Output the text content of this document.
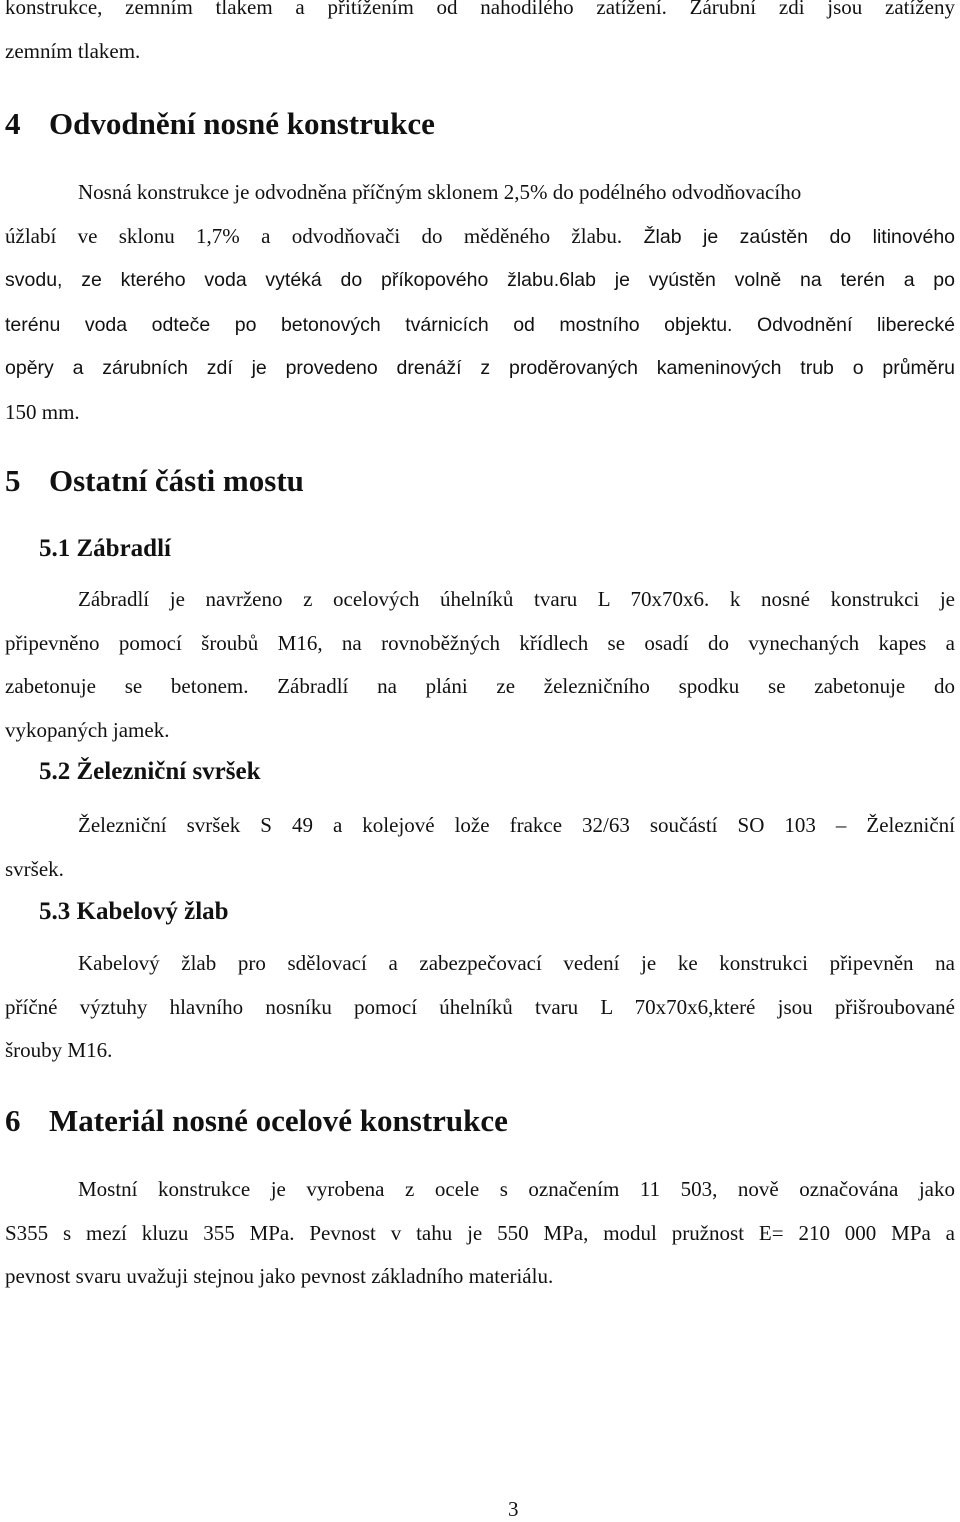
konstrukce, zemním tlakem a přitížením od nahodilého zatížení. Zárubní zdi jsou zatíženy
zemním tlakem.
4 Odvodnění nosné konstrukce
Nosná konstrukce je odvodněna příčným sklonem 2,5% do podélného odvodňovacího
úžlabí ve sklonu 1,7% a odvodňovači do měděného žlabu. Žlab je zaústěn do litinového
svodu, ze kterého voda vytéká do příkopového žlabu.6lab je vyústěn volně na terén a po
terénu voda odteče po betonových tvárnicích od mostního objektu. Odvodnění liberecké
opěry a zárubních zdí je provedeno drenáží z proděrovaných kameninových trub o průměru
150 mm.
5 Ostatní části mostu
5.1 Zábradlí
Zábradlí je navrženo z ocelových úhelníků tvaru L 70x70x6. k nosné konstrukci je
připevněno pomocí šroubů M16, na rovnoběžných křídlech se osadí do vynechaných kapes a
zabetonuje se betonem. Zábradlí na pláni ze železničního spodku se zabetonuje do
vykopaných jamek.
5.2 Železniční svršek
Železniční svršek S 49 a kolejové lože frakce 32/63 součástí SO 103 – Železniční
svršek.
5.3 Kabelový žlab
Kabelový žlab pro sdělovací a zabezpečovací vedení je ke konstrukci připevněn na
příčné výztuhy hlavního nosníku pomocí úhelníků tvaru L 70x70x6,které jsou přišroubované
šrouby M16.
6 Materiál nosné ocelové konstrukce
Mostní konstrukce je vyrobena z ocele s označením 11 503, nově označována jako
S355 s mezí kluzu 355 MPa. Pevnost v tahu je 550 MPa, modul pružnost E= 210 000 MPa a
pevnost svaru uvažuji stejnou jako pevnost základního materiálu.
3
